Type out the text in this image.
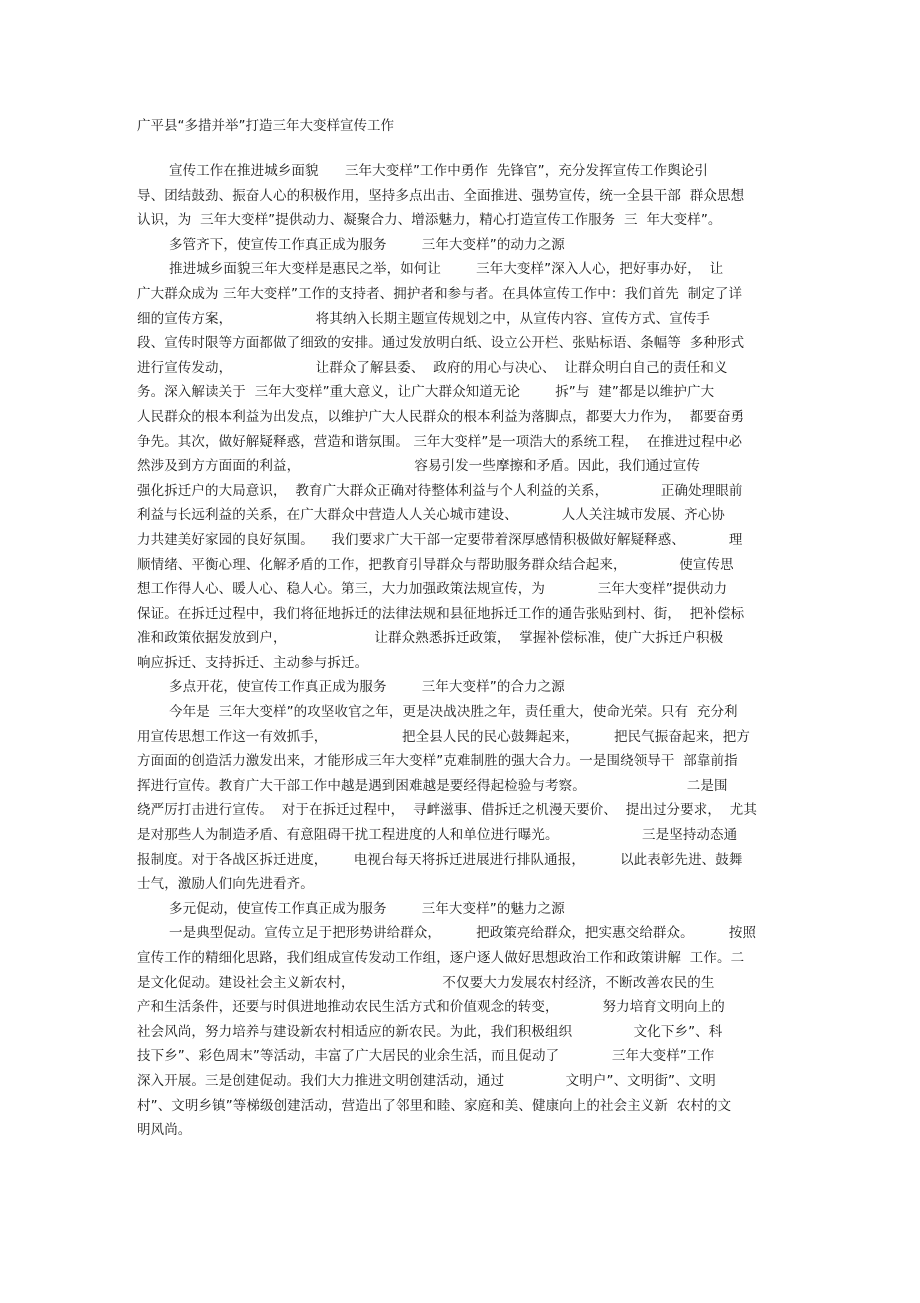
广平县“多措并举”打造三年大变样宣传工作
宣传工作在推进城乡面貌      三年大变样”工作中勇作  先锋官”，充分发挥宣传工作舆论引
导、团结鼓劲、振奋人心的积极作用，坚持多点出击、全面推进、强势宣传，统一全县干部  群众思想
认识，为  三年大变样”提供动力、凝聚合力、增添魅力，精心打造宣传工作服务  三  年大变样”。
多管齐下，使宣传工作真正成为服务        三年大变样”的动力之源
推进城乡面貌三年大变样是惠民之举，如何让        三年大变样”深入人心，把好事办好，  让
广大群众成为 三年大变样”工作的支持者、拥护者和参与者。在具体宣传工作中：我们首先  制定了详
细的宣传方案，                   将其纳入长期主题宣传规划之中，从宣传内容、宣传方式、宣传手
段、宣传时限等方面都做了细致的安排。通过发放明白纸、设立公开栏、张贴标语、条幅等  多种形式
进行宣传发动，                   让群众了解县委、  政府的用心与决心、  让群众明白自己的责任和义
务。深入解读关于  三年大变样”重大意义，让广大群众知道无论        拆”与  建”都是以维护广大
人民群众的根本利益为出发点，以维护广大人民群众的根本利益为落脚点，都要大力作为，  都要奋勇
争先。其次，做好解疑释惑，营造和谐氛围。 三年大变样”是一项浩大的系统工程，  在推进过程中必
然涉及到方方面面的利益，                          容易引发一些摩擦和矛盾。因此，我们通过宣传
强化拆迁户的大局意识，  教育广大群众正确对待整体利益与个人利益的关系，            正确处理眼前
利益与长远利益的关系，在广大群众中营造人人关心城市建设、          人人关注城市发展、齐心协
力共建美好家园的良好氛围。    我们要求广大干部一定要带着深厚感情积极做好解疑释惑、          理
顺情绪、平衡心理、化解矛盾的工作，把教育引导群众与帮助服务群众结合起来，            使宣传思
想工作得人心、暖人心、稳人心。第三，大力加强政策法规宣传，为            三年大变样”提供动力
保证。在拆迁过程中，我们将征地拆迁的法律法规和县征地拆迁工作的通告张贴到村、街，  把补偿标
准和政策依据发放到户，                    让群众熟悉拆迁政策，  掌握补偿标准，使广大拆迁户积极
响应拆迁、支持拆迁、主动参与拆迁。
多点开花，使宣传工作真正成为服务        三年大变样”的合力之源
今年是  三年大变样”的攻坚收官之年，更是决战决胜之年，责任重大，使命光荣。只有  充分利
用宣传思想工作这一有效抓手，                 把全县人民的民心鼓舞起来，        把民气振奋起来，把方
方面面的创造活力激发出来，才能形成三年大变样”克难制胜的强大合力。一是围绕领导干  部靠前指
挥进行宣传。教育广大干部工作中越是遇到困难越是要经得起检验与考察。                       二是围
绕严厉打击进行宣传。  对于在拆迁过程中，  寻衅滋事、借拆迁之机漫天要价、  提出过分要求，  尤其
是对那些人为制造矛盾、有意阻碍干扰工程进度的人和单位进行曝光。                   三是坚持动态通
报制度。对于各战区拆迁进度，      电视台每天将拆迁进展进行排队通报，        以此表彰先进、鼓舞
士气，激励人们向先进看齐。
多元促动，使宣传工作真正成为服务        三年大变样”的魅力之源
一是典型促动。宣传立足于把形势讲给群众，        把政策亮给群众，把实惠交给群众。        按照
宣传工作的精细化思路，我们组成宣传发动工作组，逐户逐人做好思想政治工作和政策讲解  工作。二
是文化促动。建设社会主义新农村，                    不仅要大力发展农村经济，不断改善农民的生
产和生活条件，还要与时俱进地推动农民生活方式和价值观念的转变，          努力培育文明向上的
社会风尚，努力培养与建设新农村相适应的新农民。为此，我们积极组织              文化下乡”、科
技下乡”、彩色周末”等活动，丰富了广大居民的业余生活，而且促动了            三年大变样”工作
深入开展。三是创建促动。我们大力推进文明创建活动，通过              文明户”、文明街”、文明
村”、文明乡镇”等梯级创建活动，营造出了邻里和睦、家庭和美、健康向上的社会主义新  农村的文
明风尚。
